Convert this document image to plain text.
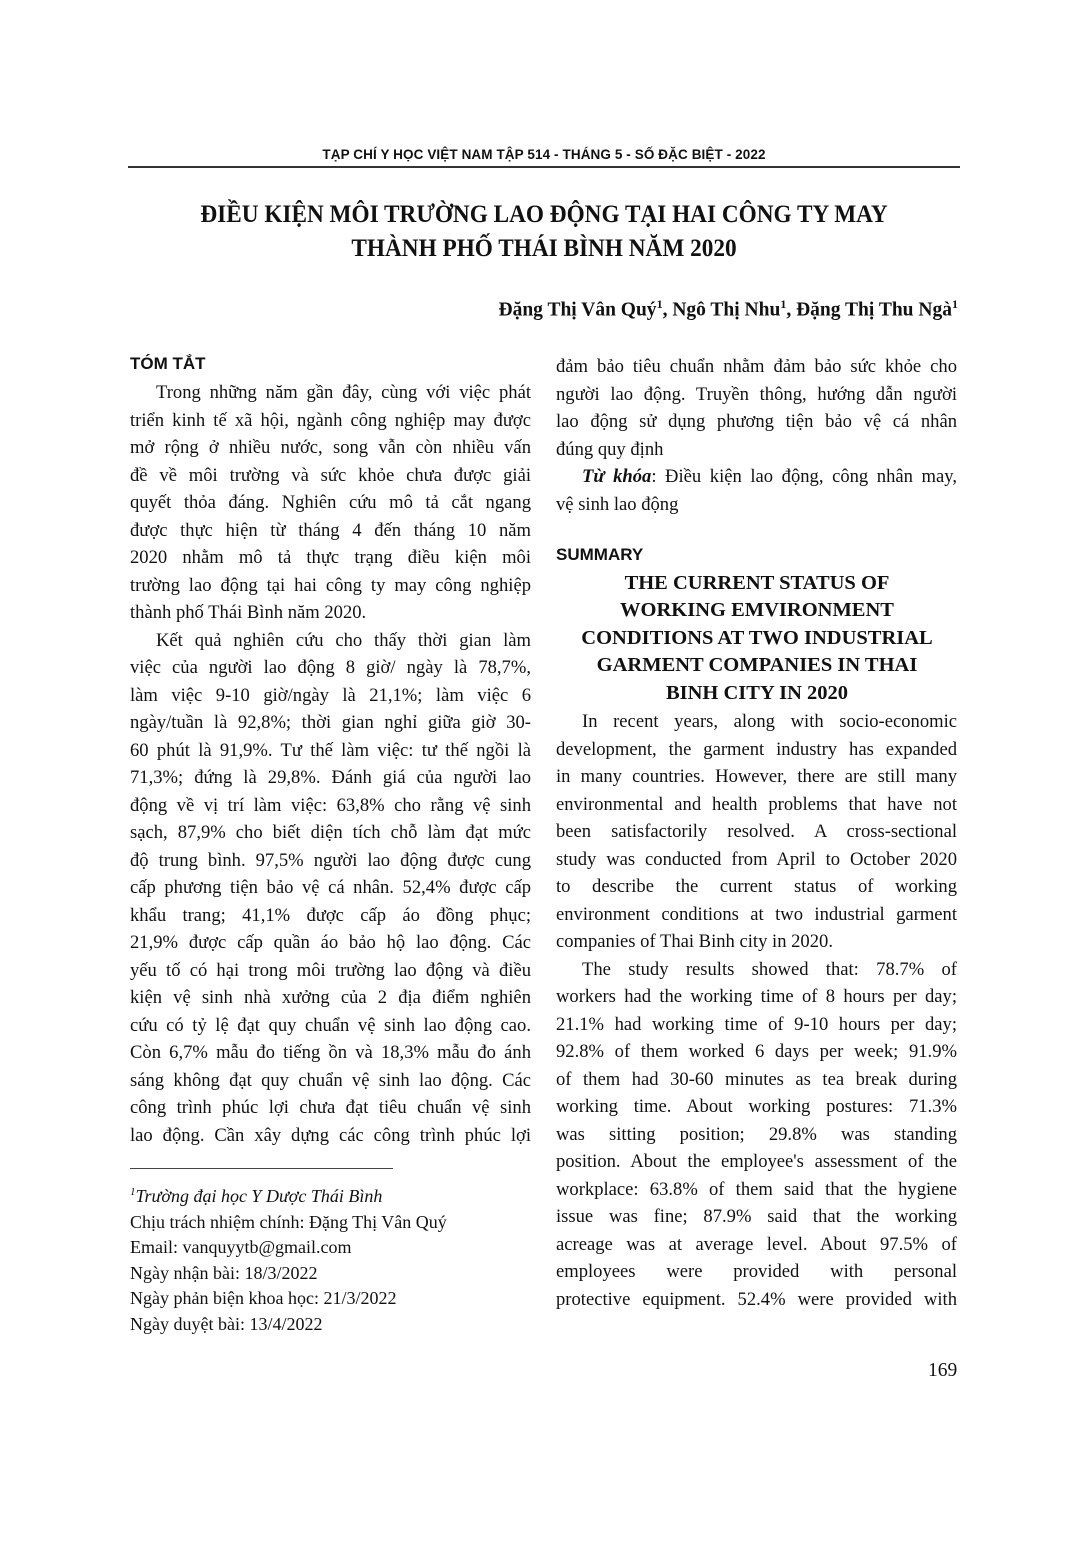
TẠP CHÍ Y HỌC VIỆT NAM TẬP 514 - THÁNG 5 - SỐ ĐẶC BIỆT - 2022
ĐIỀU KIỆN MÔI TRƯỜNG LAO ĐỘNG TẠI HAI CÔNG TY MAY
THÀNH PHỐ THÁI BÌNH NĂM 2020
Đặng Thị Vân Quý$^1$, Ngô Thị Nhu$^1$, Đặng Thị Thu Ngà$^1$
TÓM TẮT
Trong những năm gần đây, cùng với việc phát
triển kinh tế xã hội, ngành công nghiệp may được
mở rộng ở nhiều nước, song vẫn còn nhiều vấn
đề về môi trường và sức khỏe chưa được giải
quyết thỏa đáng. Nghiên cứu mô tả cắt ngang
được thực hiện từ tháng 4 đến tháng 10 năm
2020 nhằm mô tả thực trạng điều kiện môi
trường lao động tại hai công ty may công nghiệp
thành phố Thái Bình năm 2020.
Kết quả nghiên cứu cho thấy thời gian làm
việc của người lao động 8 giờ/ ngày là 78,7%,
làm việc 9-10 giờ/ngày là 21,1%; làm việc 6
ngày/tuần là 92,8%; thời gian nghỉ giữa giờ 30-
60 phút là 91,9%. Tư thế làm việc: tư thế ngồi là
71,3%; đứng là 29,8%. Đánh giá của người lao
động về vị trí làm việc: 63,8% cho rằng vệ sinh
sạch, 87,9% cho biết diện tích chỗ làm đạt mức
độ trung bình. 97,5% người lao động được cung
cấp phương tiện bảo vệ cá nhân. 52,4% được cấp
khẩu trang; 41,1% được cấp áo đồng phục;
21,9% được cấp quần áo bảo hộ lao động. Các
yếu tố có hại trong môi trường lao động và điều
kiện vệ sinh nhà xưởng của 2 địa điểm nghiên
cứu có tỷ lệ đạt quy chuẩn vệ sinh lao động cao.
Còn 6,7% mẫu đo tiếng ồn và 18,3% mẫu đo ánh
sáng không đạt quy chuẩn vệ sinh lao động. Các
công trình phúc lợi chưa đạt tiêu chuẩn vệ sinh
lao động. Cần xây dựng các công trình phúc lợi
$^1$Trường đại học Y Dược Thái Bình
Chịu trách nhiệm chính: Đặng Thị Vân Quý
Email: vanquyytb@gmail.com
Ngày nhận bài: 18/3/2022
Ngày phản biện khoa học: 21/3/2022
Ngày duyệt bài: 13/4/2022
đảm bảo tiêu chuẩn nhằm đảm bảo sức khỏe cho
người lao động. Truyền thông, hướng dẫn người
lao động sử dụng phương tiện bảo vệ cá nhân
đúng quy định
Từ khóa: Điều kiện lao động, công nhân may,
vệ sinh lao động
SUMMARY
THE CURRENT STATUS OF
WORKING EMVIRONMENT
CONDITIONS AT TWO INDUSTRIAL
GARMENT COMPANIES IN THAI
BINH CITY IN 2020
In recent years, along with socio-economic
development, the garment industry has expanded
in many countries. However, there are still many
environmental and health problems that have not
been satisfactorily resolved. A cross-sectional
study was conducted from April to October 2020
to describe the current status of working
environment conditions at two industrial garment
companies of Thai Binh city in 2020.
The study results showed that: 78.7% of
workers had the working time of 8 hours per day;
21.1% had working time of 9-10 hours per day;
92.8% of them worked 6 days per week; 91.9%
of them had 30-60 minutes as tea break during
working time. About working postures: 71.3%
was sitting position; 29.8% was standing
position. About the employee's assessment of the
workplace: 63.8% of them said that the hygiene
issue was fine; 87.9% said that the working
acreage was at average level. About 97.5% of
employees were provided with personal
protective equipment. 52.4% were provided with
169
